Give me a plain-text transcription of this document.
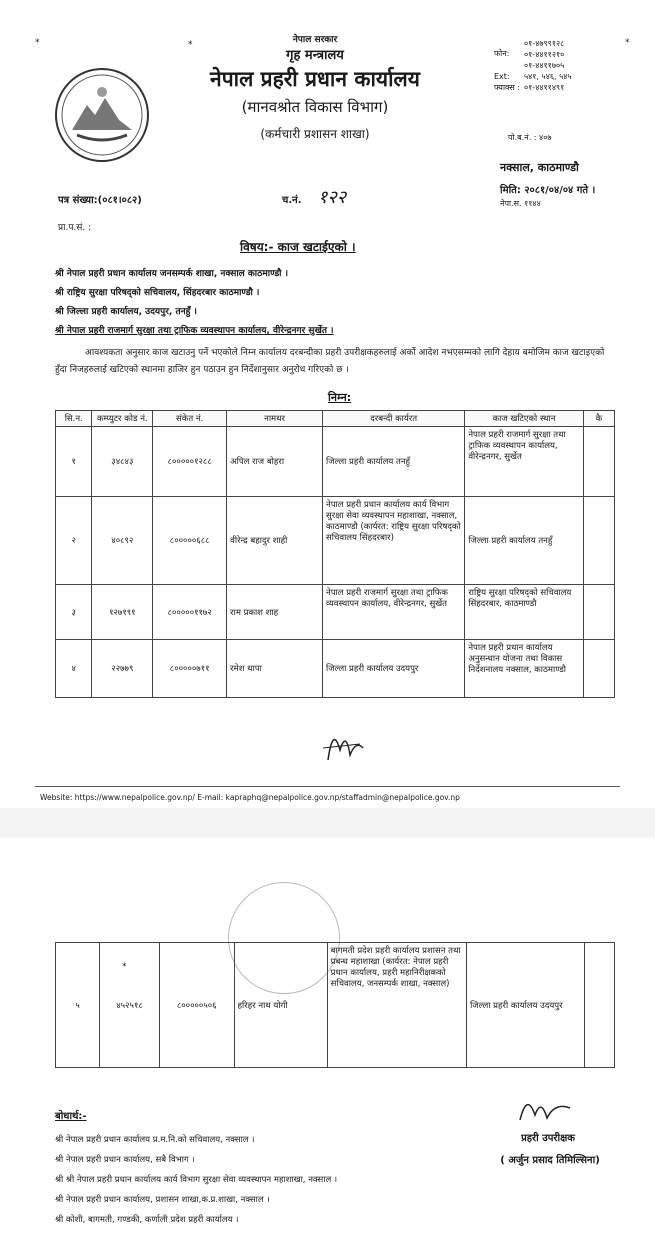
*	*
*	नेपाल सरकार
गृह मन्त्रालय
नेपाल प्रहरी प्रधान कार्यालय
(मानवश्रोत विकास विभाग)
(कर्मचारी प्रशासन शाखा)
फोन:	०१-४७९९१२८
०१-४४११२१०
०१-४४११७०५

Ext:	५४१, ५४६, ५४५
फ्याक्स :	०१-४४११४९१
पो.ब.नं. : ४०७
नक्साल, काठमाण्डौ
मिति: २०८१/०४/०४ गते ।
नेपा.स. ११४४
पत्र संख्या:(०८१।०८२)	च.नं. १२२
प्रा.प.सं. :
विषय:- काज खटाईएको ।
श्री नेपाल प्रहरी प्रधान कार्यालय जनसम्पर्क शाखा, नक्साल काठमाण्डौ ।
श्री राष्ट्रिय सुरक्षा परिषद्को सचिवालय, सिंहदरबार काठमाण्डौ ।
श्री जिल्ला प्रहरी कार्यालय, उदयपुर, तनहुँ ।
श्री नेपाल प्रहरी राजमार्ग सुरक्षा तथा ट्राफिक व्यवस्थापन कार्यालय, वीरेन्द्रनगर सुर्खेत ।
आवश्यकता अनुसार काज खटाउनु पर्ने भएकोले निम्न कार्यालय दरबन्दीका प्रहरी उपरीक्षकहरुलाई अर्को आदेश नभएसम्मको लागि देहाय बमोजिम काज खटाइएको हुँदा निजहरुलाई खटिएको स्थानमा हाजिर हुन पठाउन हुन निर्देशानुसार अनुरोध गरिएको छ ।
निम्न:
सि.न.	कम्प्युटर कोड नं.	संकेत नं.	नामथर	दरबन्दी कार्यरत	काज खटिएको स्थान	कै
१	३४८४३	८०००००१२८८	अपिल राज बोहरा	जिल्ला प्रहरी कार्यालय तनहुँ	नेपाल प्रहरी राजमार्ग सुरक्षा तथा ट्राफिक व्यवस्थापन कार्यालय, वीरेन्द्रनगर, सुर्खेत	
२	४०८९२	८०००००६८८	वीरेन्द्र बहादुर शाही	नेपाल प्रहरी प्रधान कार्यालय कार्य विभाग सुरक्षा सेवा व्यवस्थापन महाशाखा, नक्साल, काठमाण्डौ (कार्यरत: राष्ट्रिय सुरक्षा परिषद्को सचिवालय सिंहदरबार)	जिल्ला प्रहरी कार्यालय तनहुँ	
३	१२७१९१	८०००००११७२	राम प्रकाश शाह	नेपाल प्रहरी राजमार्ग सुरक्षा तथा ट्राफिक व्यवस्थापन कार्यालय, वीरेन्द्रनगर, सुर्खेत	राष्ट्रिय सुरक्षा परिषद्को सचिवालय सिंहदरबार, काठमाण्डौ	
४	२२७७९	८०००००७११	रमेश थापा	जिल्ला प्रहरी कार्यालय उदयपुर	नेपाल प्रहरी प्रधान कार्यालय अनुसन्धान योजना तथा विकास निर्देशनालय नक्साल, काठमाण्डौ	
Website: https://www.nepalpolice.gov.np/ E-mail: kapraphq@nepalpolice.gov.np/staffadmin@nepalpolice.gov.np
*
५	४५२५१८	८०००००५०६	हरिहर नाथ योगी	बागमती प्रदेश प्रहरी कार्यालय प्रशासन तथा प्रबन्ध महाशाखा (कार्यरत: नेपाल प्रहरी प्रधान कार्यालय, प्रहरी महानिरीक्षकको सचिवालय, जनसम्पर्क शाखा, नक्साल)	जिल्ला प्रहरी कार्यालय उदयपुर	
बोधार्थ:-
श्री नेपाल प्रहरी प्रधान कार्यालय प्र.म.नि.को सचिवालय, नक्साल ।
श्री नेपाल प्रहरी प्रधान कार्यालय, सबै विभाग ।
श्री श्री नेपाल प्रहरी प्रधान कार्यालय कार्य विभाग सुरक्षा सेवा व्यवस्थापन महाशाखा, नक्साल ।
श्री नेपाल प्रहरी प्रधान कार्यालय, प्रशासन शाखा,क.प्र.शाखा, नक्साल ।
श्री कोशी, बागमती, गण्डकी, कर्णाली प्रदेश प्रहरी कार्यालय ।
प्रहरी उपरीक्षक
( अर्जुन प्रसाद तिमिल्सिना)
